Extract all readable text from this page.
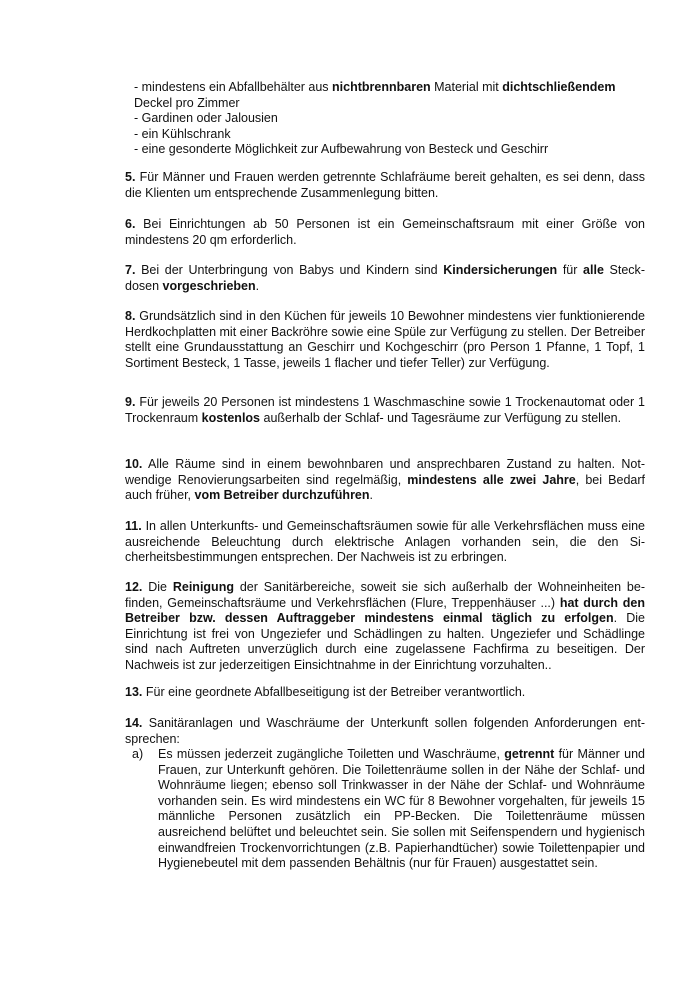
- mindestens ein Abfallbehälter aus nichtbrennbaren Material mit dichtschließendem
Deckel pro Zimmer
- Gardinen oder Jalousien
- ein Kühlschrank
- eine gesonderte Möglichkeit zur Aufbewahrung von Besteck und Geschirr

5. Für Männer und Frauen werden getrennte Schlafräume bereit gehalten, es sei denn, dass die Klienten um entsprechende Zusammenlegung bitten.

6. Bei Einrichtungen ab 50 Personen ist ein Gemeinschaftsraum mit einer Größe von mindestens 20 qm erforderlich.

7. Bei der Unterbringung von Babys und Kindern sind Kindersicherungen für alle Steckdosen vorgeschrieben.

8. Grundsätzlich sind in den Küchen für jeweils 10 Bewohner mindestens vier funktionierende Herdkochplatten mit einer Backröhre sowie eine Spüle zur Verfügung zu stellen. Der Betreiber stellt eine Grundausstattung an Geschirr und Kochgeschirr (pro Person 1 Pfanne, 1 Topf, 1 Sortiment Besteck, 1 Tasse, jeweils 1 flacher und tiefer Teller) zur Verfügung.

9. Für jeweils 20 Personen ist mindestens 1 Waschmaschine sowie 1 Trockenautomat oder 1 Trockenraum kostenlos außerhalb der Schlaf- und Tagesräume zur Verfügung zu stellen.

10. Alle Räume sind in einem bewohnbaren und ansprechbaren Zustand zu halten. Notwendige Renovierungsarbeiten sind regelmäßig, mindestens alle zwei Jahre, bei Bedarf auch früher, vom Betreiber durchzuführen.

11. In allen Unterkunfts- und Gemeinschaftsräumen sowie für alle Verkehrsflächen muss eine ausreichende Beleuchtung durch elektrische Anlagen vorhanden sein, die den Sicherheitsbestimmungen entsprechen. Der Nachweis ist zu erbringen.

12. Die Reinigung der Sanitärbereiche, soweit sie sich außerhalb der Wohneinheiten befinden, Gemeinschaftsräume und Verkehrsflächen (Flure, Treppenhäuser ...) hat durch den Betreiber bzw. dessen Auftraggeber mindestens einmal täglich zu erfolgen. Die Einrichtung ist frei von Ungeziefer und Schädlingen zu halten. Ungeziefer und Schädlinge sind nach Auftreten unverzüglich durch eine zugelassene Fachfirma zu beseitigen. Der Nachweis ist zur jederzeitigen Einsichtnahme in der Einrichtung vorzuhalten..

13. Für eine geordnete Abfallbeseitigung ist der Betreiber verantwortlich.

14. Sanitäranlagen und Waschräume der Unterkunft sollen folgenden Anforderungen entsprechen:

a) Es müssen jederzeit zugängliche Toiletten und Waschräume, getrennt für Männer und Frauen, zur Unterkunft gehören. Die Toilettenräume sollen in der Nähe der Schlaf- und Wohnräume liegen; ebenso soll Trinkwasser in der Nähe der Schlaf- und Wohnräume vorhanden sein. Es wird mindestens ein WC für 8 Bewohner vorgehalten, für jeweils 15 männliche Personen zusätzlich ein PP-Becken. Die Toilettenräume müssen ausreichend belüftet und beleuchtet sein. Sie sollen mit Seifenspendern und hygienisch einwandfreien Trockenvorrichtungen (z.B. Papierhandtücher) sowie Toilettenpapier und Hygienebeutel mit dem passenden Behältnis (nur für Frauen) ausgestattet sein.
